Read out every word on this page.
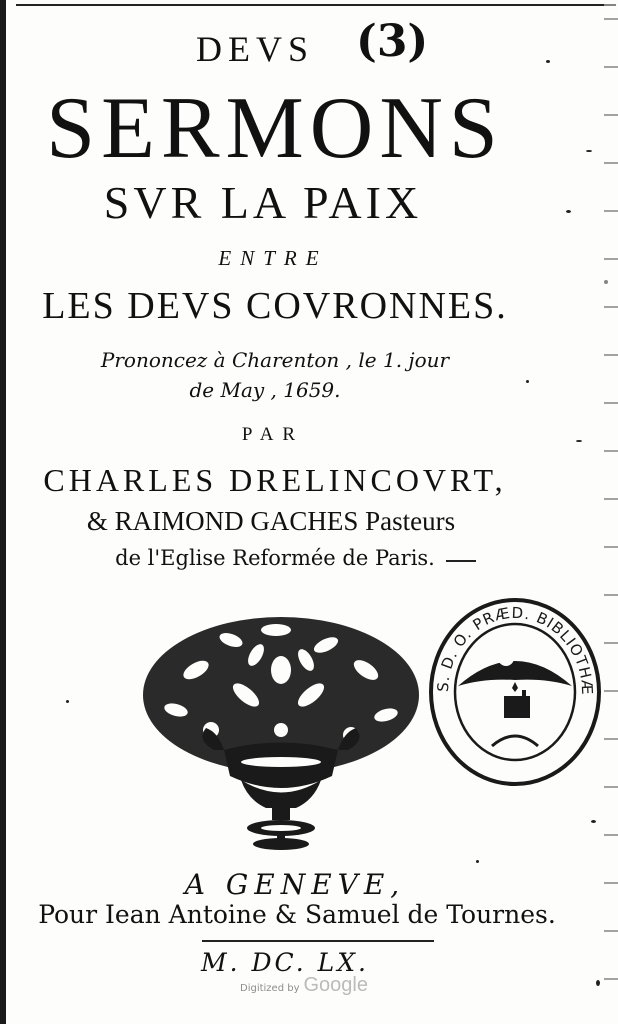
DEVS (3)
SERMONS
SVR LA PAIX
ENTRE
LES DEVS COVRONNES.
Prononcez à Charenton , le 1. jour
de May , 1659.
PAR
CHARLES DRELINCOVRT,
& RAIMOND GACHES Pasteurs
de l'Eglise Reformée de Paris.
S. D. O. PRÆD. BIBLIOTHÆ
A GENEVE,
Pour Iean Antoine & Samuel de Tournes.
M. DC. LX.
Digitized by Google
